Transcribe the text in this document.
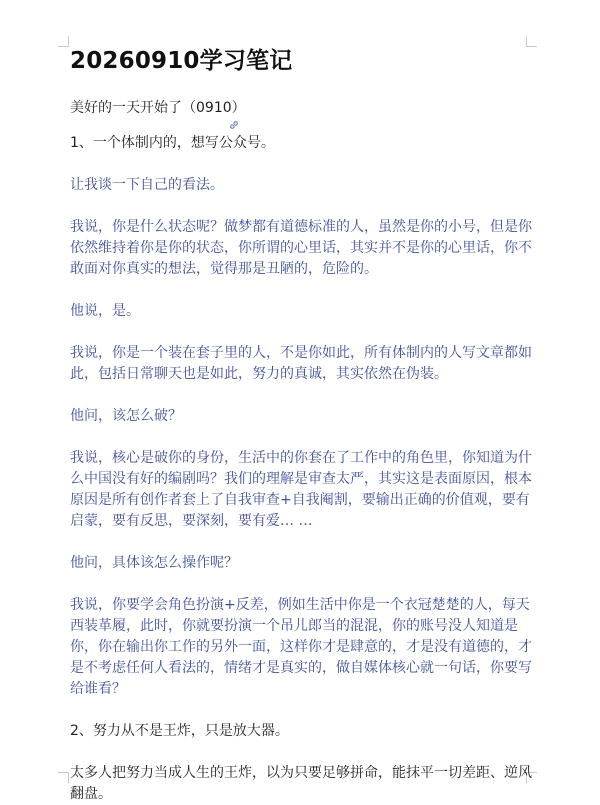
20260910学习笔记

美好的一天开始了（0910）

1、一个体制内的，想写公众号。

让我谈一下自己的看法。

我说，你是什么状态呢？做梦都有道德标准的人，虽然是你的小号，但是你依然维持着你是你的状态，你所谓的心里话，其实并不是你的心里话，你不敢面对你真实的想法，觉得那是丑陋的，危险的。

他说，是。

我说，你是一个装在套子里的人，不是你如此，所有体制内的人写文章都如此，包括日常聊天也是如此，努力的真诚，其实依然在伪装。

他问，该怎么破？

我说，核心是破你的身份，生活中的你套在了工作中的角色里，你知道为什么中国没有好的编剧吗？我们的理解是审查太严，其实这是表面原因，根本原因是所有创作者套上了自我审查+自我阉割，要输出正确的价值观，要有启蒙，要有反思，要深刻，要有爱… …

他问，具体该怎么操作呢？

我说，你要学会角色扮演+反差，例如生活中你是一个衣冠楚楚的人，每天西装革履，此时，你就要扮演一个吊儿郎当的混混，你的账号没人知道是你，你在输出你工作的另外一面，这样你才是肆意的，才是没有道德的，才是不考虑任何人看法的，情绪才是真实的，做自媒体核心就一句话，你要写给谁看？

2、努力从不是王炸，只是放大器。

太多人把努力当成人生的王炸，以为只要足够拼命，能抹平一切差距、逆风翻盘。
